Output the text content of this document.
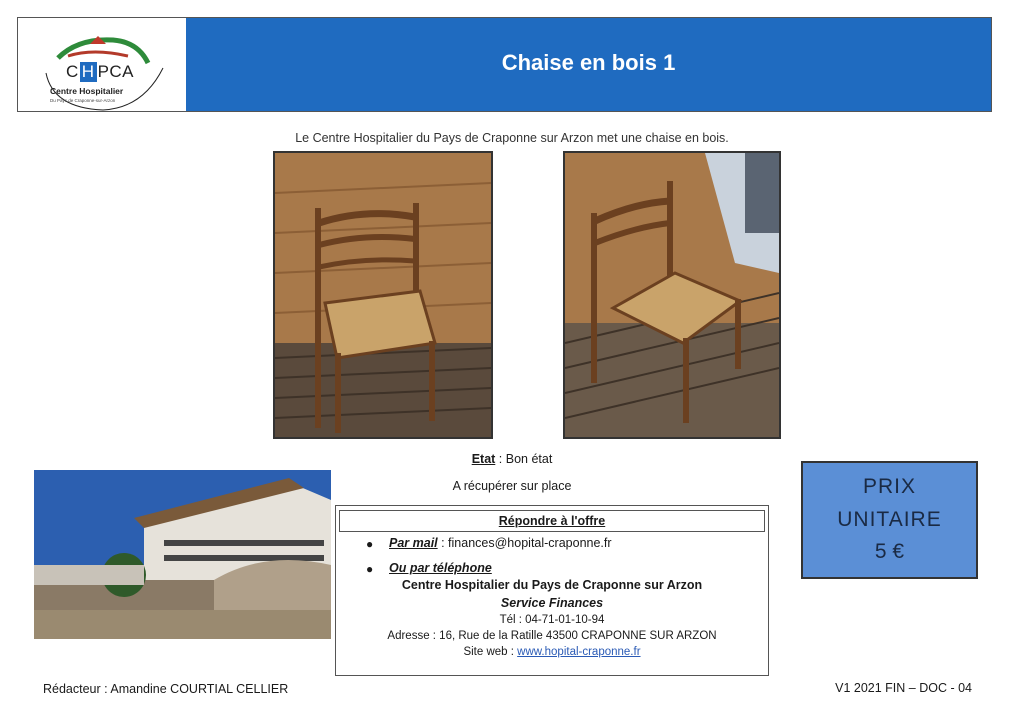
C H PCA
Centre Hospitalier
Du Pays de Craponne-sur-Arzon
Chaise en bois 1
Le Centre Hospitalier du Pays de Craponne sur Arzon met une chaise en bois.
Etat : Bon état
A récupérer sur place	PRIX
UNITAIRE
5 €
Répondre à l'offre
● Par mail : finances@hopital-craponne.fr
● Ou par téléphone
Centre Hospitalier du Pays de Craponne sur Arzon
Service Finances
Tél : 04-71-01-10-94
Adresse : 16, Rue de la Ratille 43500 CRAPONNE SUR ARZON
Site web : www.hopital-craponne.fr
Rédacteur : Amandine COURTIAL CELLIER	V1 2021 FIN – DOC - 04
